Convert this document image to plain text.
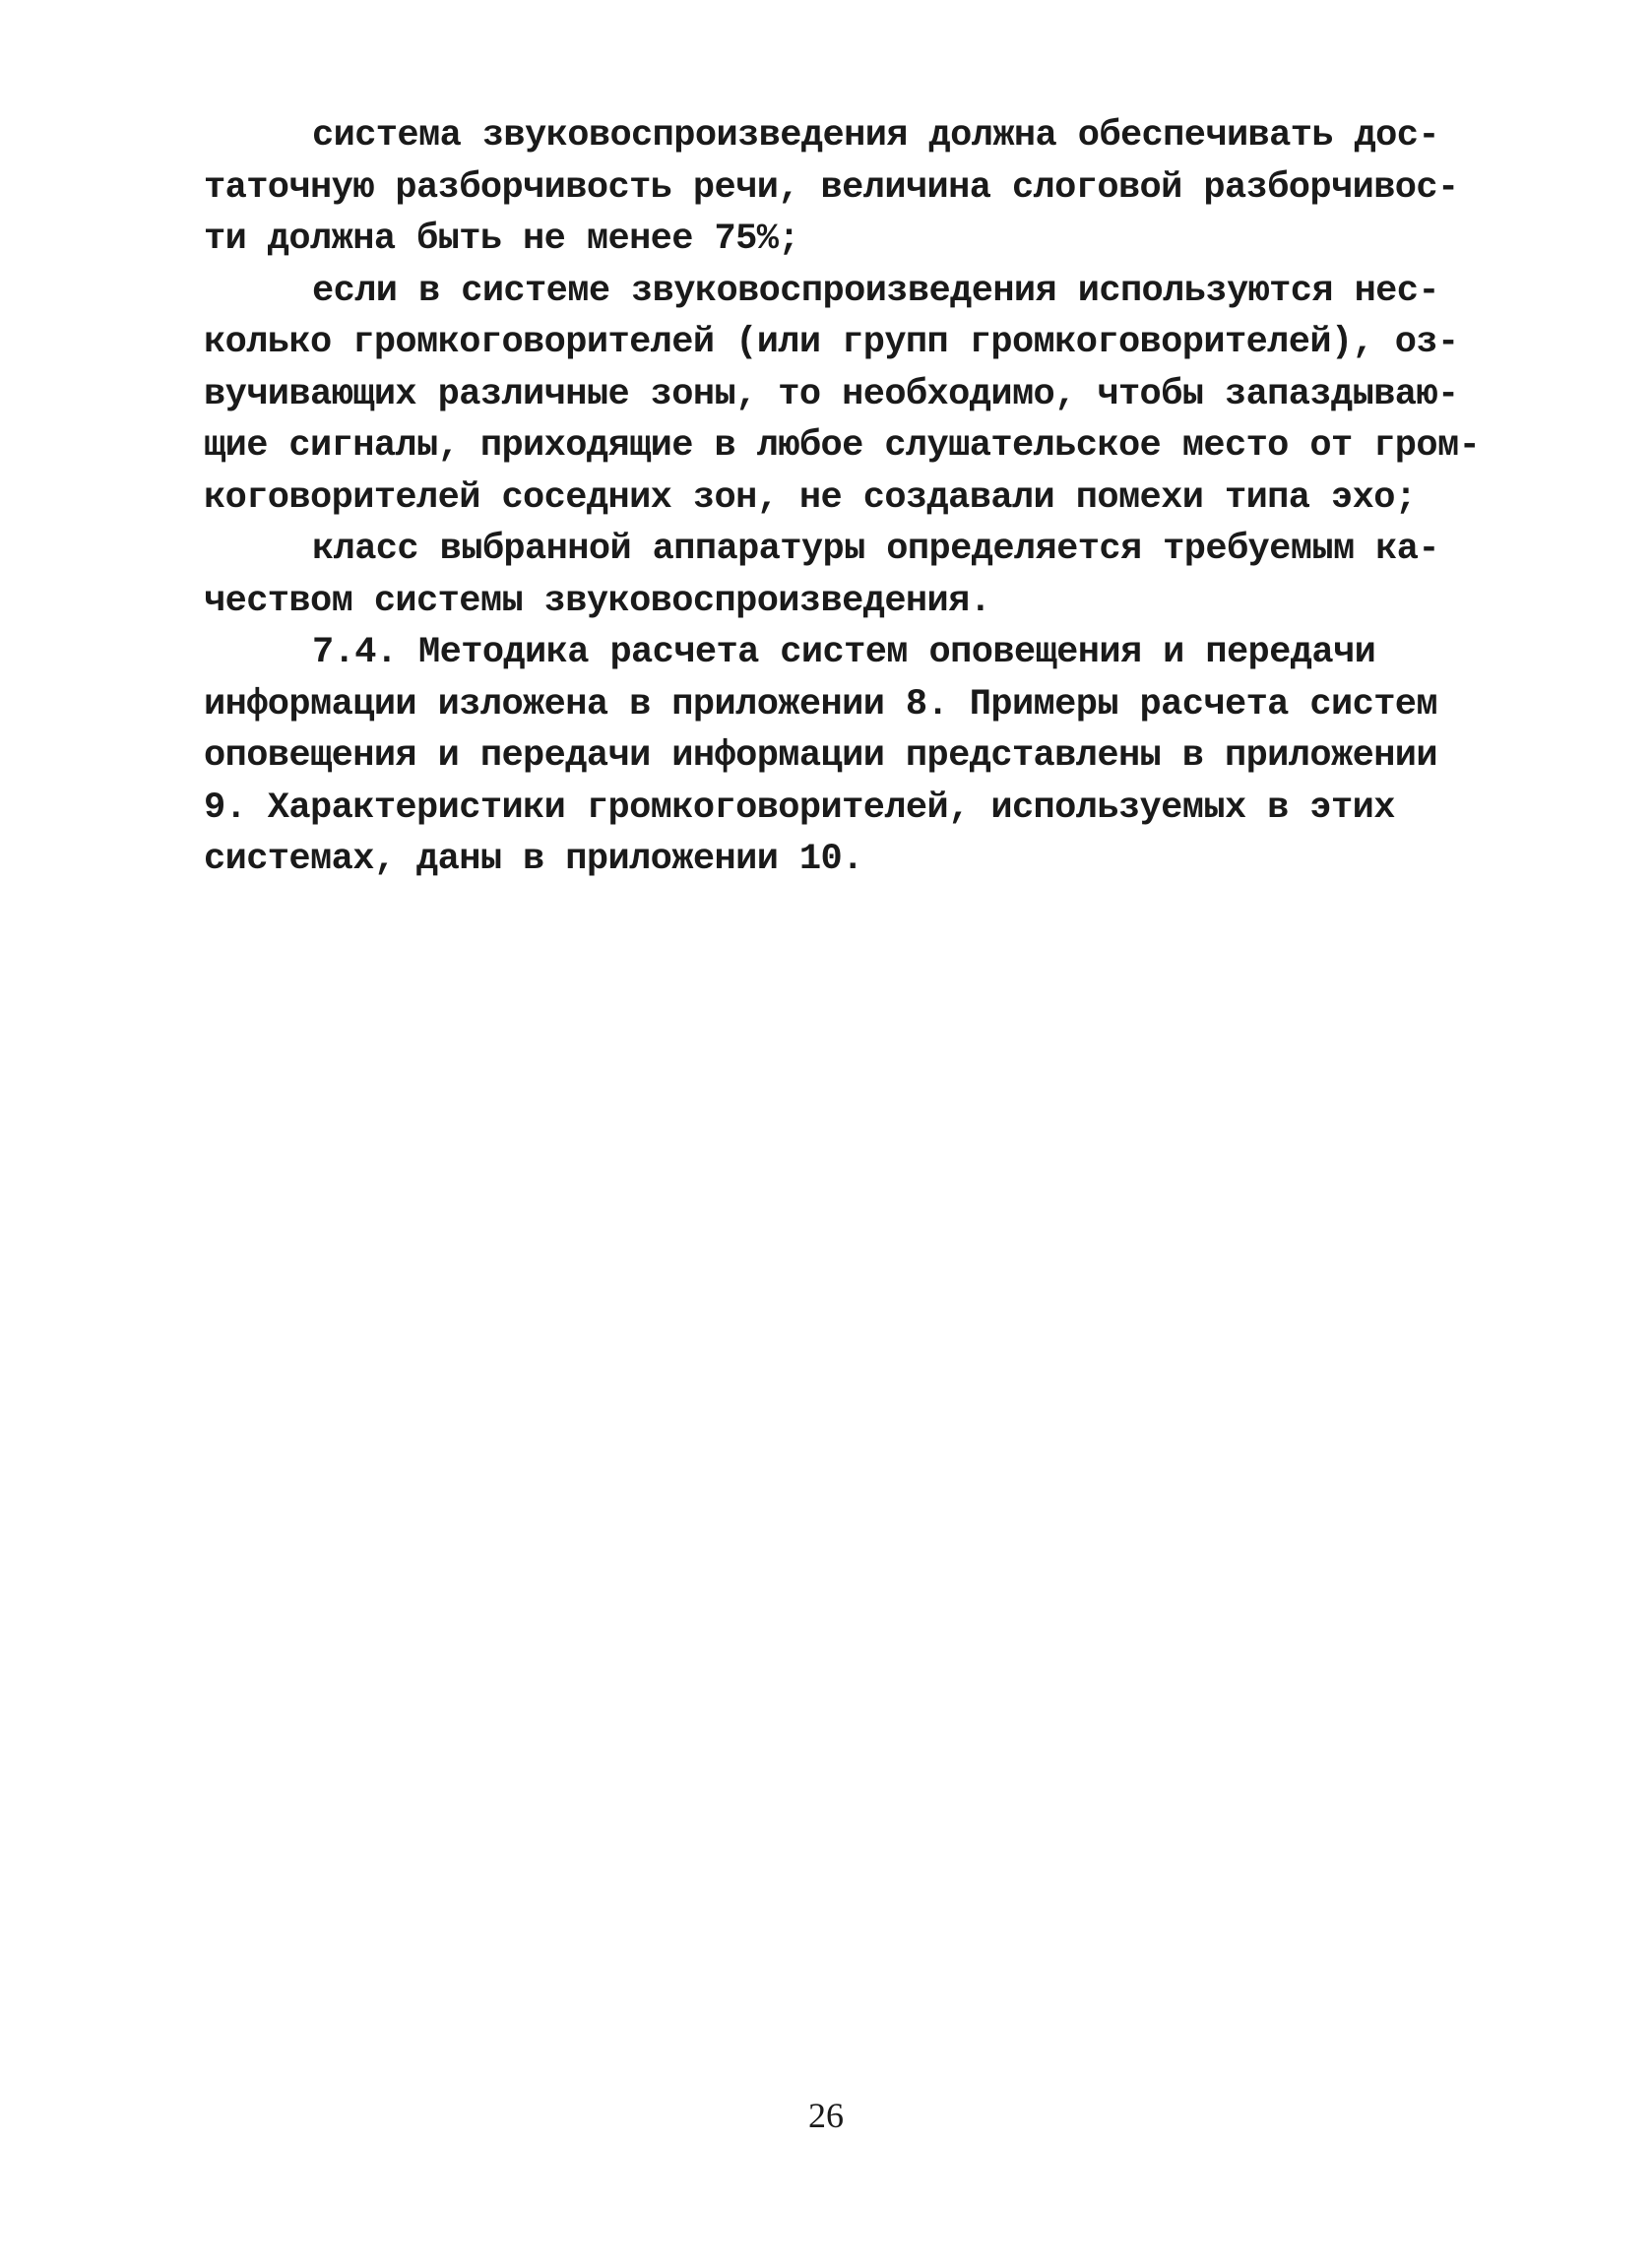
система звуковоспроизведения должна обеспечивать дос-
таточную разборчивость речи, величина слоговой разборчивос-
ти должна быть не менее 75%;
если в системе звуковоспроизведения используются нес-
колько громкоговорителей (или групп громкоговорителей), оз-
вучивающих различные зоны, то необходимо, чтобы запаздываю-
щие сигналы, приходящие в любое слушательское место от гром-
коговорителей соседних зон, не создавали помехи типа эхо;
класс выбранной аппаратуры определяется требуемым ка-
чеством системы звуковоспроизведения.
7.4. Методика расчета систем оповещения и передачи
информации изложена в приложении 8. Примеры расчета систем
оповещения и передачи информации представлены в приложении
9. Характеристики громкоговорителей, используемых в этих
системах, даны в приложении 10.
26
